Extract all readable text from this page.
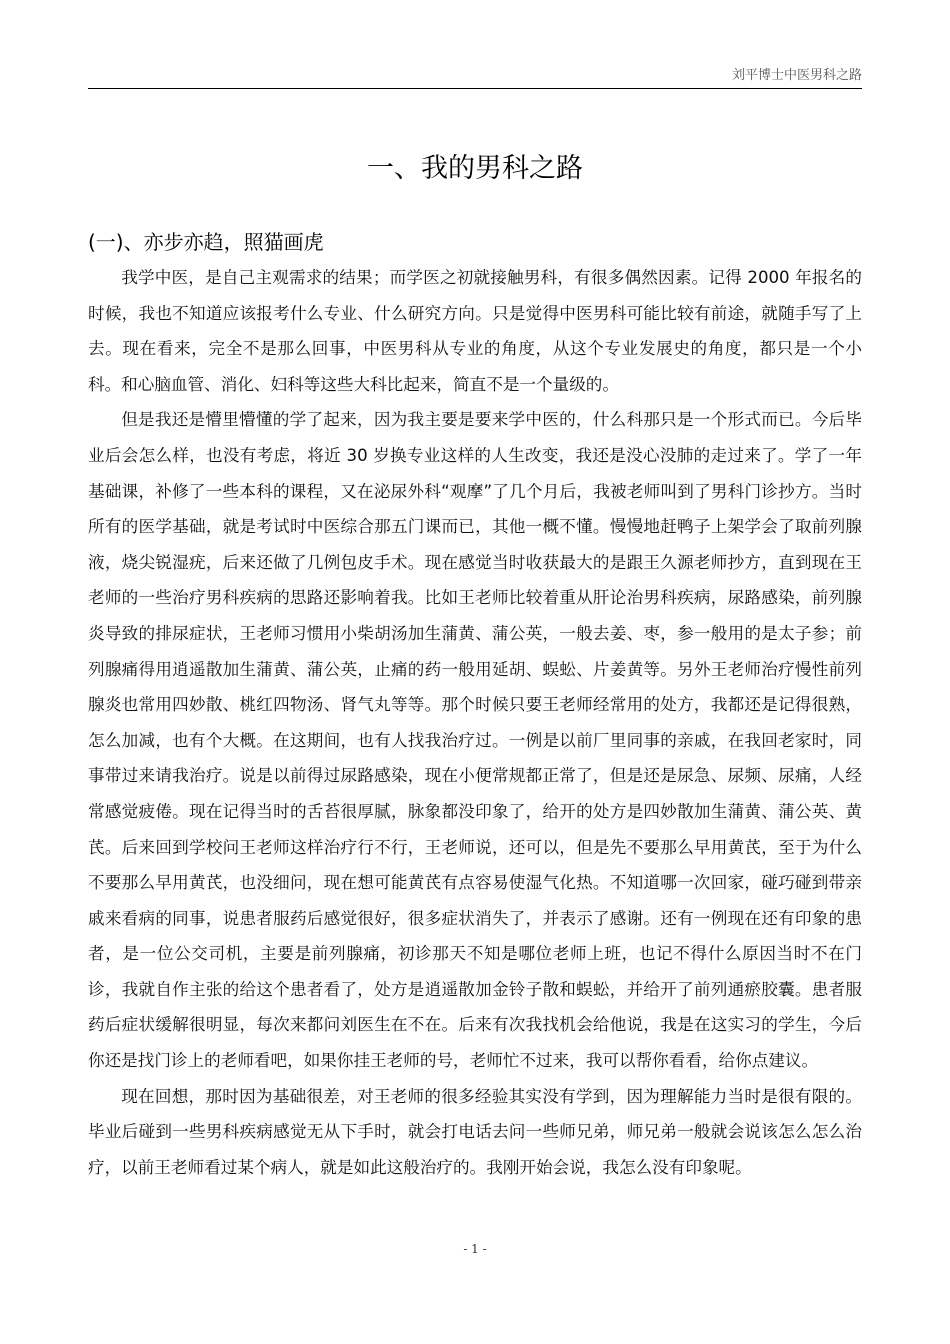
刘平博士中医男科之路
一、我的男科之路
(一)、亦步亦趋，照猫画虎

我学中医，是自己主观需求的结果；而学医之初就接触男科，有很多偶然因素。记得 2000 年报名的时候，我也不知道应该报考什么专业、什么研究方向。只是觉得中医男科可能比较有前途，就随手写了上去。现在看来，完全不是那么回事，中医男科从专业的角度，从这个专业发展史的角度，都只是一个小科。和心脑血管、消化、妇科等这些大科比起来，简直不是一个量级的。

但是我还是懵里懵懂的学了起来，因为我主要是要来学中医的，什么科那只是一个形式而已。今后毕业后会怎么样，也没有考虑，将近 30 岁换专业这样的人生改变，我还是没心没肺的走过来了。学了一年基础课，补修了一些本科的课程，又在泌尿外科“观摩”了几个月后，我被老师叫到了男科门诊抄方。当时所有的医学基础，就是考试时中医综合那五门课而已，其他一概不懂。慢慢地赶鸭子上架学会了取前列腺液，烧尖锐湿疣，后来还做了几例包皮手术。现在感觉当时收获最大的是跟王久源老师抄方，直到现在王老师的一些治疗男科疾病的思路还影响着我。比如王老师比较着重从肝论治男科疾病，尿路感染，前列腺炎导致的排尿症状，王老师习惯用小柴胡汤加生蒲黄、蒲公英，一般去姜、枣，参一般用的是太子参；前列腺痛得用逍遥散加生蒲黄、蒲公英，止痛的药一般用延胡、蜈蚣、片姜黄等。另外王老师治疗慢性前列腺炎也常用四妙散、桃红四物汤、肾气丸等等。那个时候只要王老师经常用的处方，我都还是记得很熟，怎么加减，也有个大概。在这期间，也有人找我治疗过。一例是以前厂里同事的亲戚，在我回老家时，同事带过来请我治疗。说是以前得过尿路感染，现在小便常规都正常了，但是还是尿急、尿频、尿痛，人经常感觉疲倦。现在记得当时的舌苔很厚腻，脉象都没印象了，给开的处方是四妙散加生蒲黄、蒲公英、黄芪。后来回到学校问王老师这样治疗行不行，王老师说，还可以，但是先不要那么早用黄芪，至于为什么不要那么早用黄芪，也没细问，现在想可能黄芪有点容易使湿气化热。不知道哪一次回家，碰巧碰到带亲戚来看病的同事，说患者服药后感觉很好，很多症状消失了，并表示了感谢。还有一例现在还有印象的患者，是一位公交司机，主要是前列腺痛，初诊那天不知是哪位老师上班，也记不得什么原因当时不在门诊，我就自作主张的给这个患者看了，处方是逍遥散加金铃子散和蜈蚣，并给开了前列通瘀胶囊。患者服药后症状缓解很明显，每次来都问刘医生在不在。后来有次我找机会给他说，我是在这实习的学生，今后你还是找门诊上的老师看吧，如果你挂王老师的号，老师忙不过来，我可以帮你看看，给你点建议。

现在回想，那时因为基础很差，对王老师的很多经验其实没有学到，因为理解能力当时是很有限的。毕业后碰到一些男科疾病感觉无从下手时，就会打电话去问一些师兄弟，师兄弟一般就会说该怎么怎么治疗，以前王老师看过某个病人，就是如此这般治疗的。我刚开始会说，我怎么没有印象呢。

- 1 -
